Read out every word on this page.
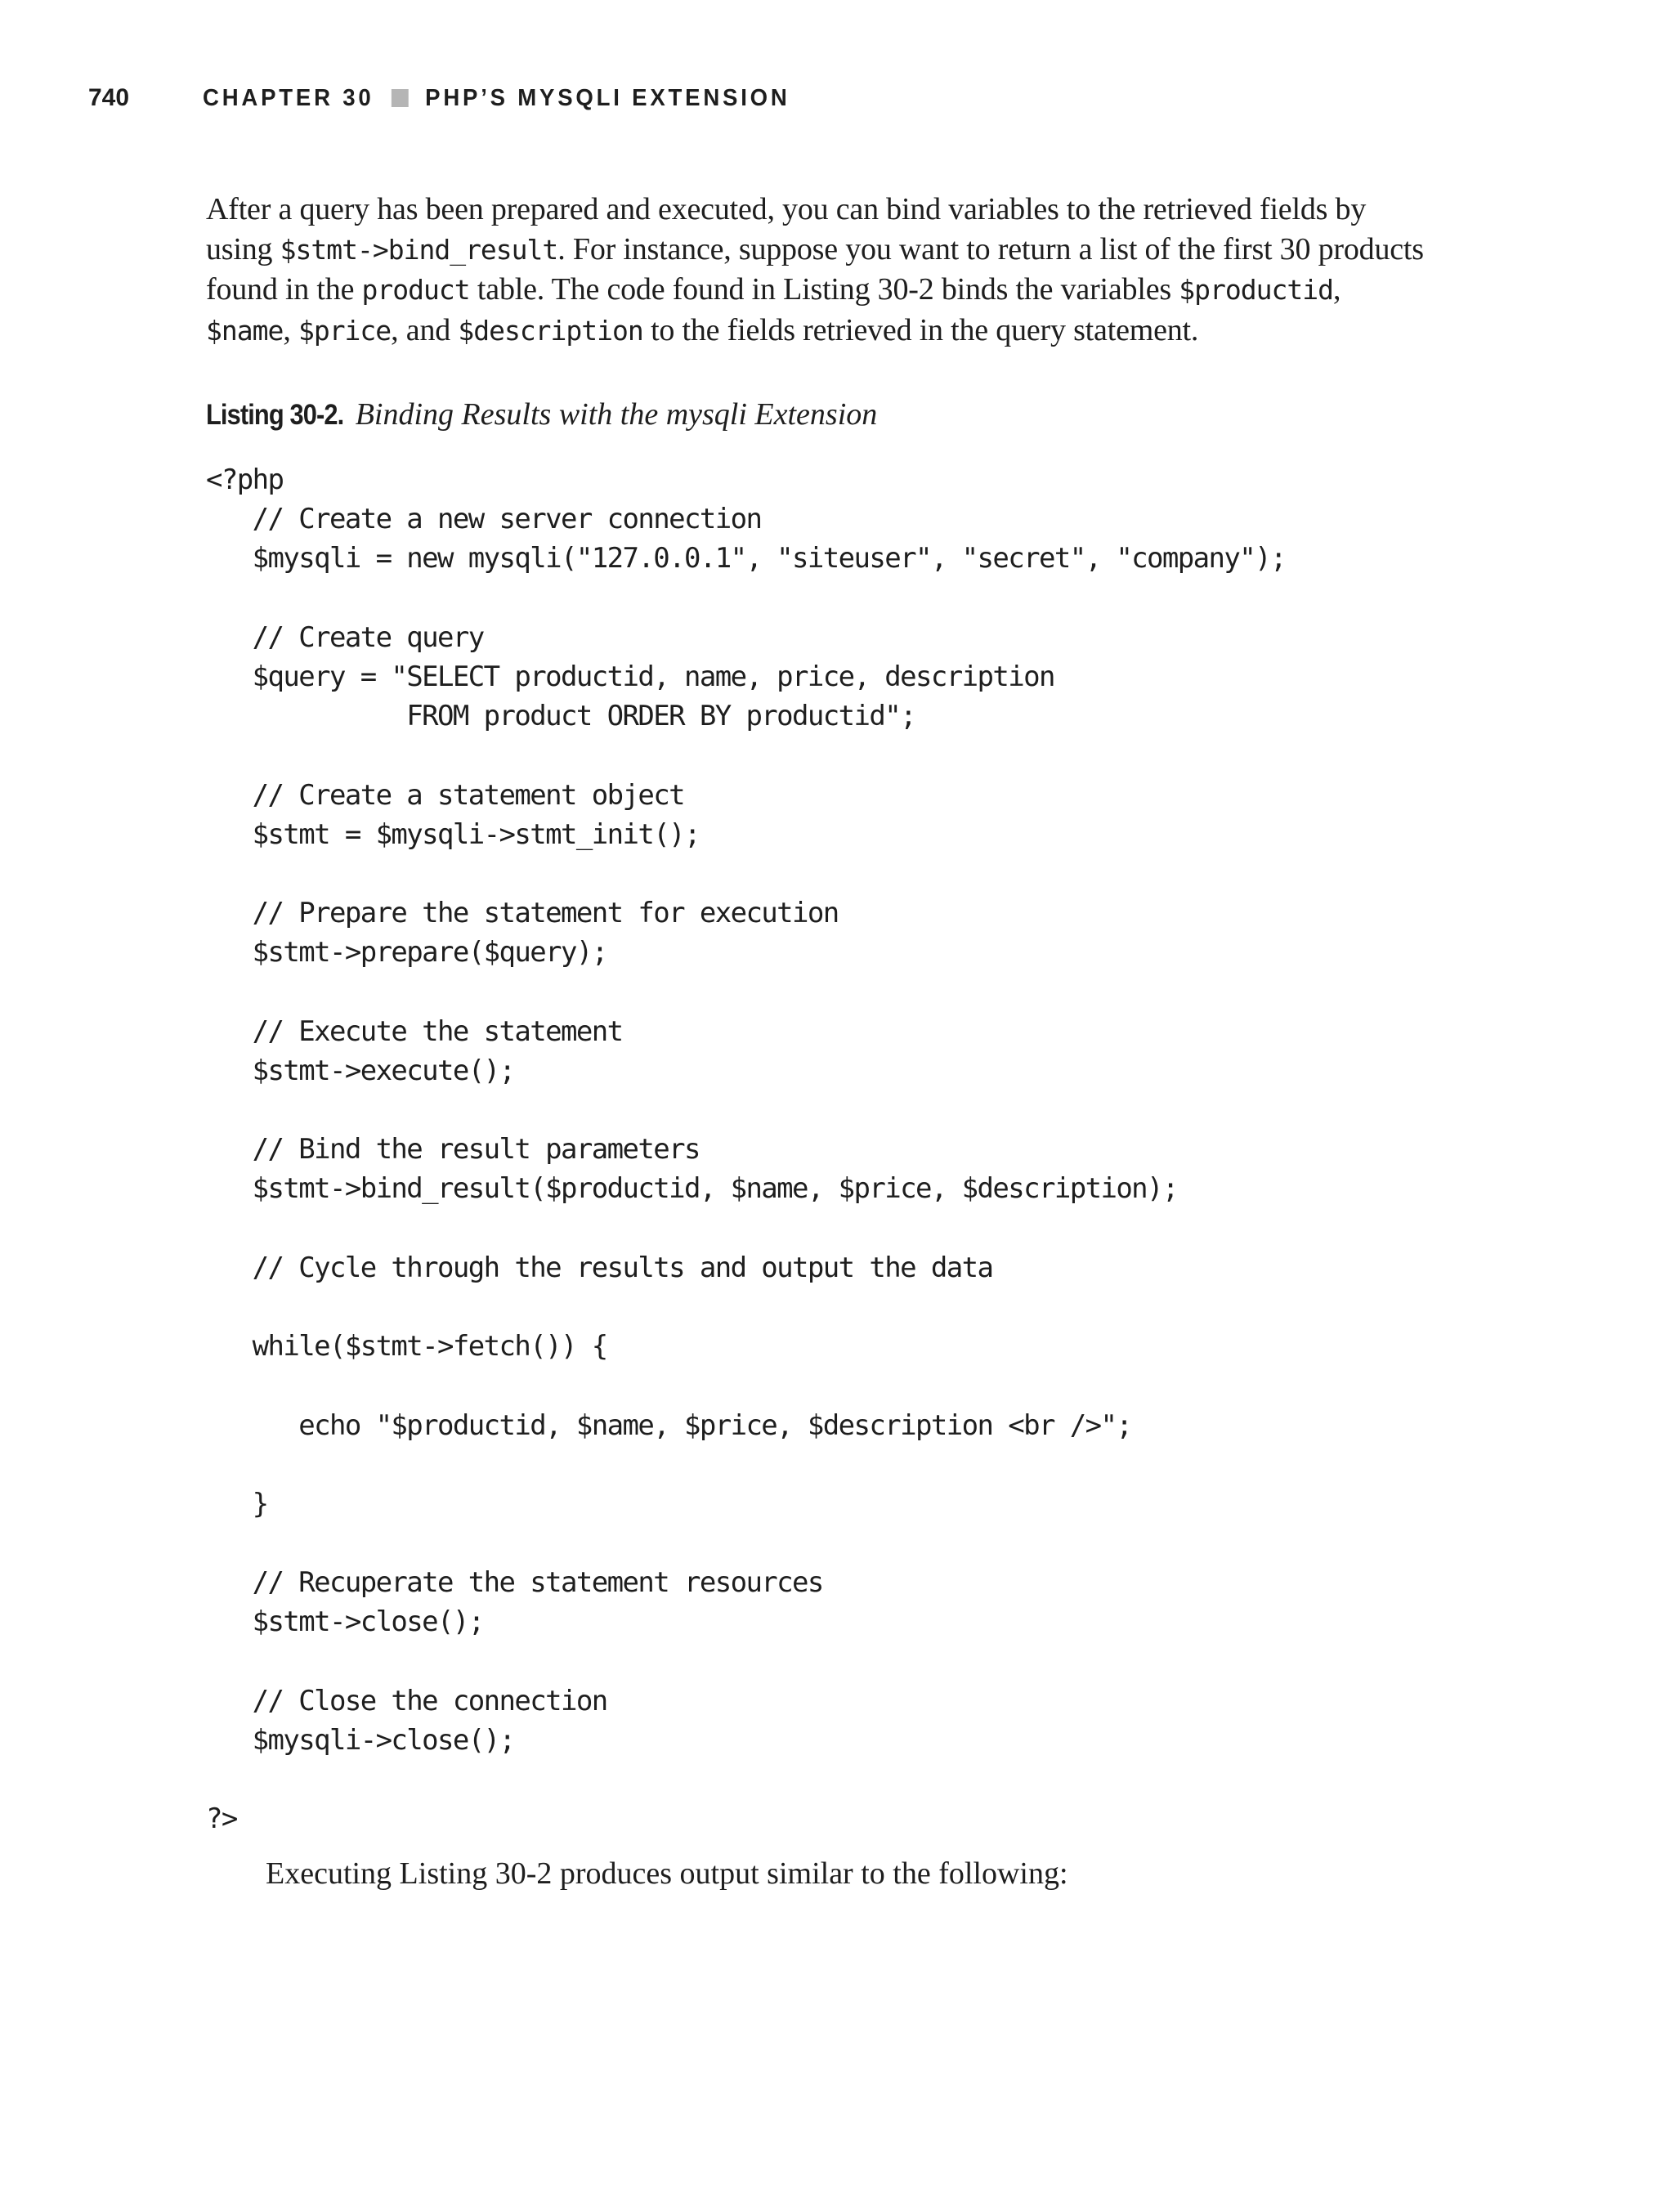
740	CHAPTER 30 PHP’S MYSQLI EXTENSION
After a query has been prepared and executed, you can bind variables to the retrieved fields by
using $stmt->bind_result. For instance, suppose you want to return a list of the first 30 products
found in the product table. The code found in Listing 30-2 binds the variables $productid,
$name, $price, and $description to the fields retrieved in the query statement.
Listing 30-2. Binding Results with the mysqli Extension
<?php
// Create a new server connection
$mysqli = new mysqli("127.0.0.1", "siteuser", "secret", "company");
// Create query
$query = "SELECT productid, name, price, description
FROM product ORDER BY productid";
// Create a statement object
$stmt = $mysqli->stmt_init();
// Prepare the statement for execution
$stmt->prepare($query);
// Execute the statement
$stmt->execute();
// Bind the result parameters
$stmt->bind_result($productid, $name, $price, $description);
// Cycle through the results and output the data
while($stmt->fetch()) {
echo "$productid, $name, $price, $description <br />";
}
// Recuperate the statement resources
$stmt->close();
// Close the connection
$mysqli->close();
?>
Executing Listing 30-2 produces output similar to the following:
